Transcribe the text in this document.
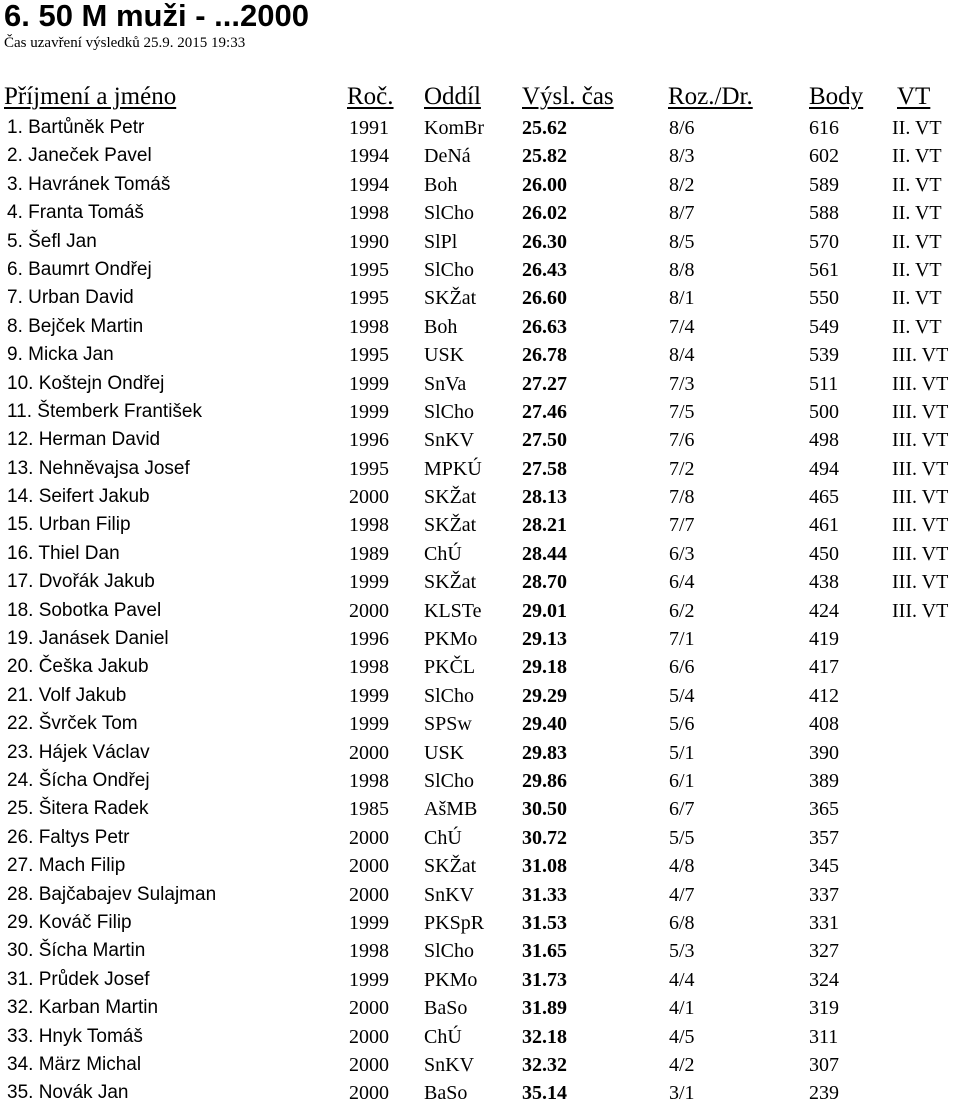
6. 50 M muži - ...2000
Čas uzavření výsledků 25.9. 2015 19:33
Příjmení a jméno	Roč. Oddíl Výsl. čas Roz./Dr. Body VT
1. Bartůněk Petr	1991 KomBr 25.62	8/6	616	II. VT
2. Janeček Pavel	1994 DeNá	25.82	8/3	602	II. VT
3. Havránek Tomáš	1994 Boh	26.00	8/2	589	II. VT
4. Franta Tomáš	1998 SlCho 26.02	8/7	588	II. VT
5. Šefl Jan	1990 SlPl	26.30	8/5	570	II. VT
6. Baumrt Ondřej	1995 SlCho 26.43	8/8	561	II. VT
7. Urban David	1995 SKŽat 26.60	8/1	550	II. VT
8. Bejček Martin	1998 Boh	26.63	7/4	549	II. VT
9. Micka Jan	1995 USK	26.78	8/4	539	III. VT
10. Koštejn Ondřej	1999 SnVa	27.27	7/3	511	III. VT
11. Štemberk František	1999 SlCho 27.46	7/5	500	III. VT
12. Herman David	1996 SnKV 27.50	7/6	498	III. VT
13. Nehněvajsa Josef	1995 MPKÚ 27.58	7/2	494	III. VT
14. Seifert Jakub	2000 SKŽat 28.13	7/8	465	III. VT
15. Urban Filip	1998 SKŽat 28.21	7/7	461	III. VT
16. Thiel Dan	1989 ChÚ	28.44	6/3	450	III. VT
17. Dvořák Jakub	1999 SKŽat 28.70	6/4	438	III. VT
18. Sobotka Pavel	2000 KLSTe 29.01	6/2	424	III. VT
19. Janásek Daniel	1996 PKMo 29.13	7/1	419
20. Češka Jakub	1998 PKČL 29.18	6/6	417
21. Volf Jakub	1999 SlCho 29.29	5/4	412
22. Švrček Tom	1999 SPSw	29.40	5/6	408
23. Hájek Václav	2000 USK	29.83	5/1	390
24. Šícha Ondřej	1998 SlCho 29.86	6/1	389
25. Šitera Radek	1985 AšMB 30.50	6/7	365
26. Faltys Petr	2000 ChÚ	30.72	5/5	357
27. Mach Filip	2000 SKŽat 31.08	4/8	345
28. Bajčabajev Sulajman	2000 SnKV 31.33	4/7	337
29. Kováč Filip	1999 PKSpR 31.53	6/8	331
30. Šícha Martin	1998 SlCho 31.65	5/3	327
31. Průdek Josef	1999 PKMo 31.73	4/4	324
32. Karban Martin	2000 BaSo	31.89	4/1	319
33. Hnyk Tomáš	2000 ChÚ	32.18	4/5	311
34. März Michal	2000 SnKV 32.32	4/2	307
35. Novák Jan	2000 BaSo	35.14	3/1	239
